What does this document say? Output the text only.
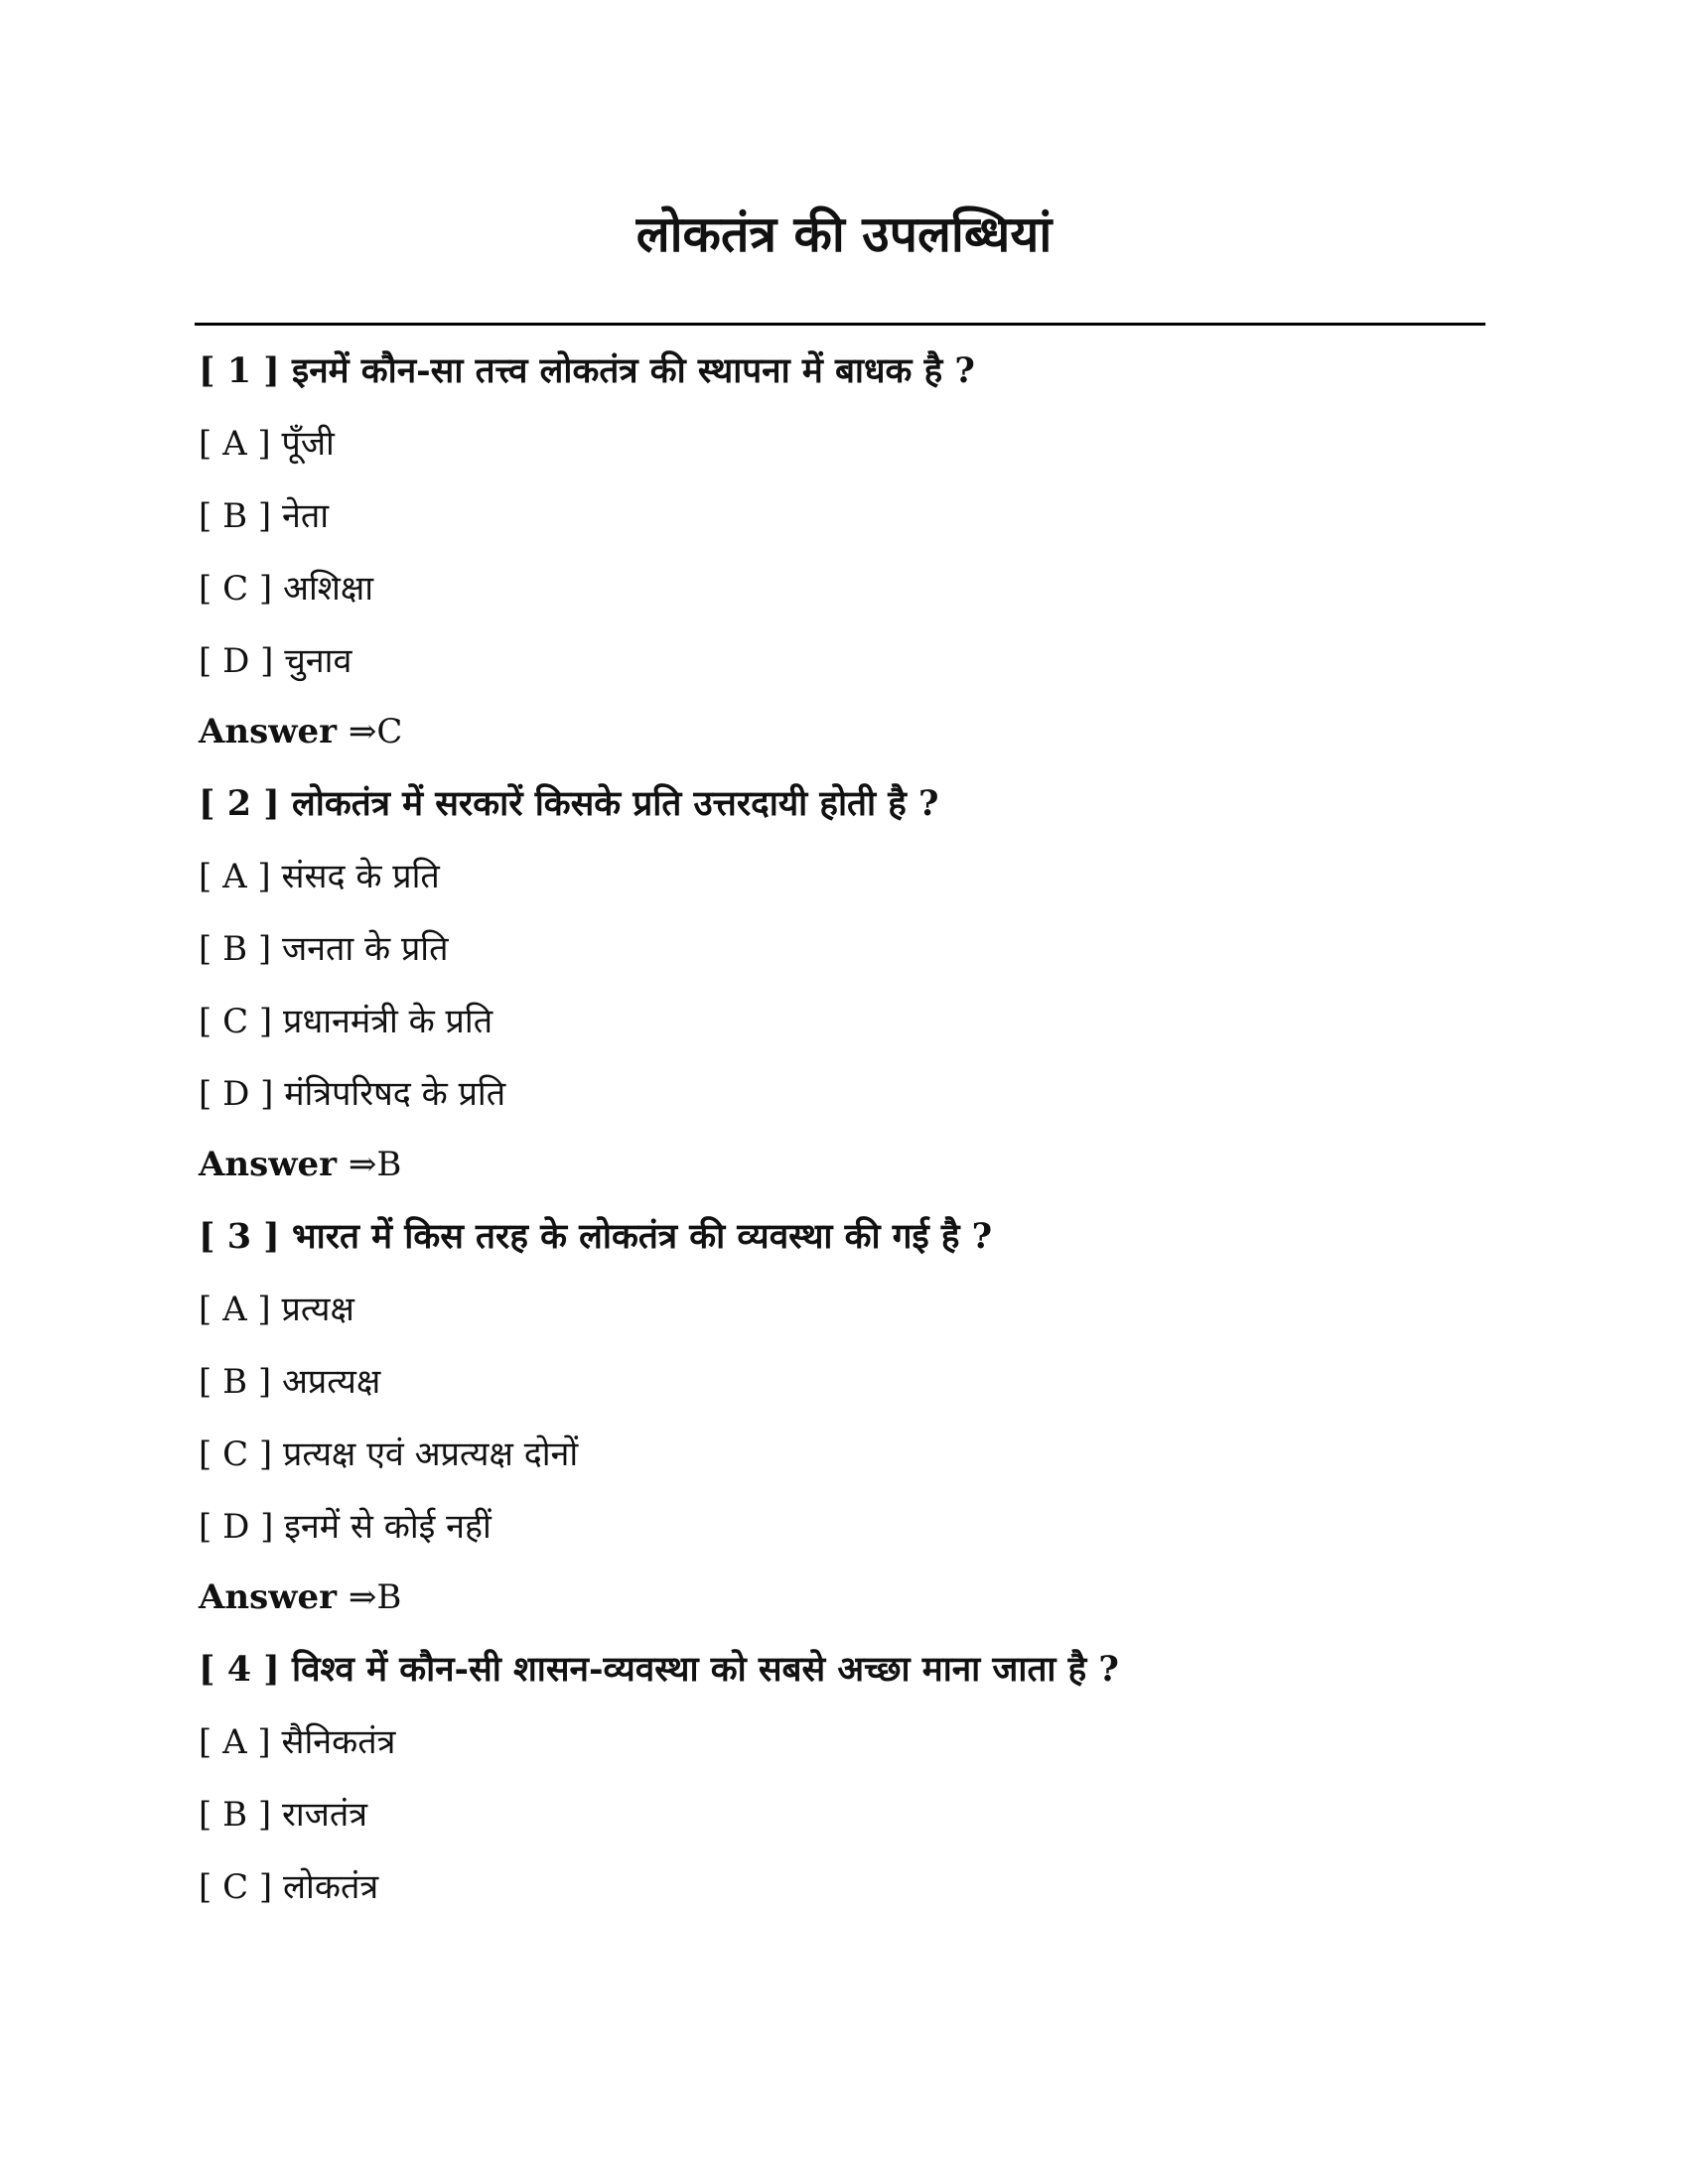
लोकतंत्र की उपलब्धियां
[ 1 ] इनमें कौन-सा तत्त्व लोकतंत्र की स्थापना में बाधक है ?
[ A ] पूँजी
[ B ] नेता
[ C ] अशिक्षा
[ D ] चुनाव
Answer ⇒C
[ 2 ] लोकतंत्र में सरकारें किसके प्रति उत्तरदायी होती है ?
[ A ] संसद के प्रति
[ B ] जनता के प्रति
[ C ] प्रधानमंत्री के प्रति
[ D ] मंत्रिपरिषद के प्रति
Answer ⇒B
[ 3 ] भारत में किस तरह के लोकतंत्र की व्यवस्था की गई है ?
[ A ] प्रत्यक्ष
[ B ] अप्रत्यक्ष
[ C ] प्रत्यक्ष एवं अप्रत्यक्ष दोनों
[ D ] इनमें से कोई नहीं
Answer ⇒B
[ 4 ] विश्व में कौन-सी शासन-व्यवस्था को सबसे अच्छा माना जाता है ?
[ A ] सैनिकतंत्र
[ B ] राजतंत्र
[ C ] लोकतंत्र
